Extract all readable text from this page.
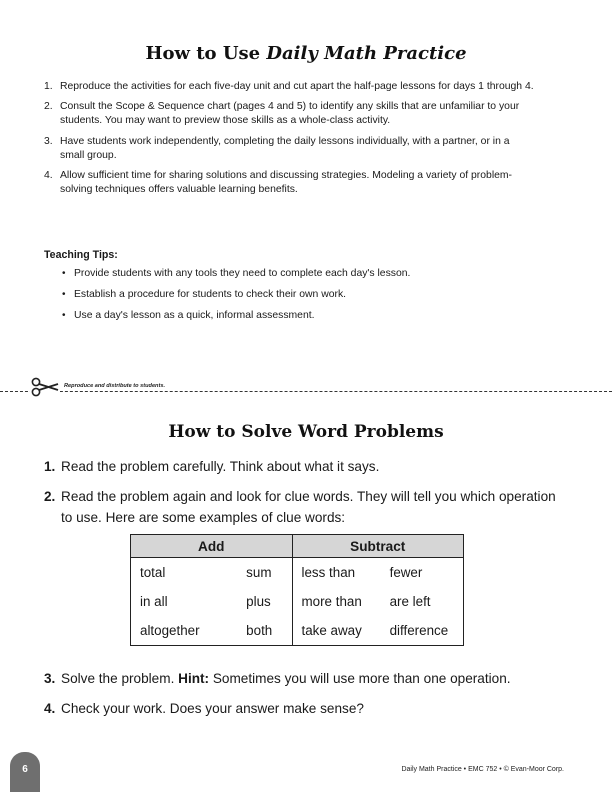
How to Use Daily Math Practice
1. Reproduce the activities for each five-day unit and cut apart the half-page lessons for days 1 through 4.
2. Consult the Scope & Sequence chart (pages 4 and 5) to identify any skills that are unfamiliar to your students. You may want to preview those skills as a whole-class activity.
3. Have students work independently, completing the daily lessons individually, with a partner, or in a small group.
4. Allow sufficient time for sharing solutions and discussing strategies. Modeling a variety of problem-solving techniques offers valuable learning benefits.
Teaching Tips:
• Provide students with any tools they need to complete each day's lesson.
• Establish a procedure for students to check their own work.
• Use a day's lesson as a quick, informal assessment.
Reproduce and distribute to students.
How to Solve Word Problems
1. Read the problem carefully. Think about what it says.
2. Read the problem again and look for clue words. They will tell you which operation to use. Here are some examples of clue words:
Add		Subtract	
total	sum	less than	fewer
in all	plus	more than	are left
altogether	both	take away	difference
3. Solve the problem. Hint: Sometimes you will use more than one operation.
4. Check your work. Does your answer make sense?
6	Daily Math Practice • EMC 752 • © Evan-Moor Corp.
